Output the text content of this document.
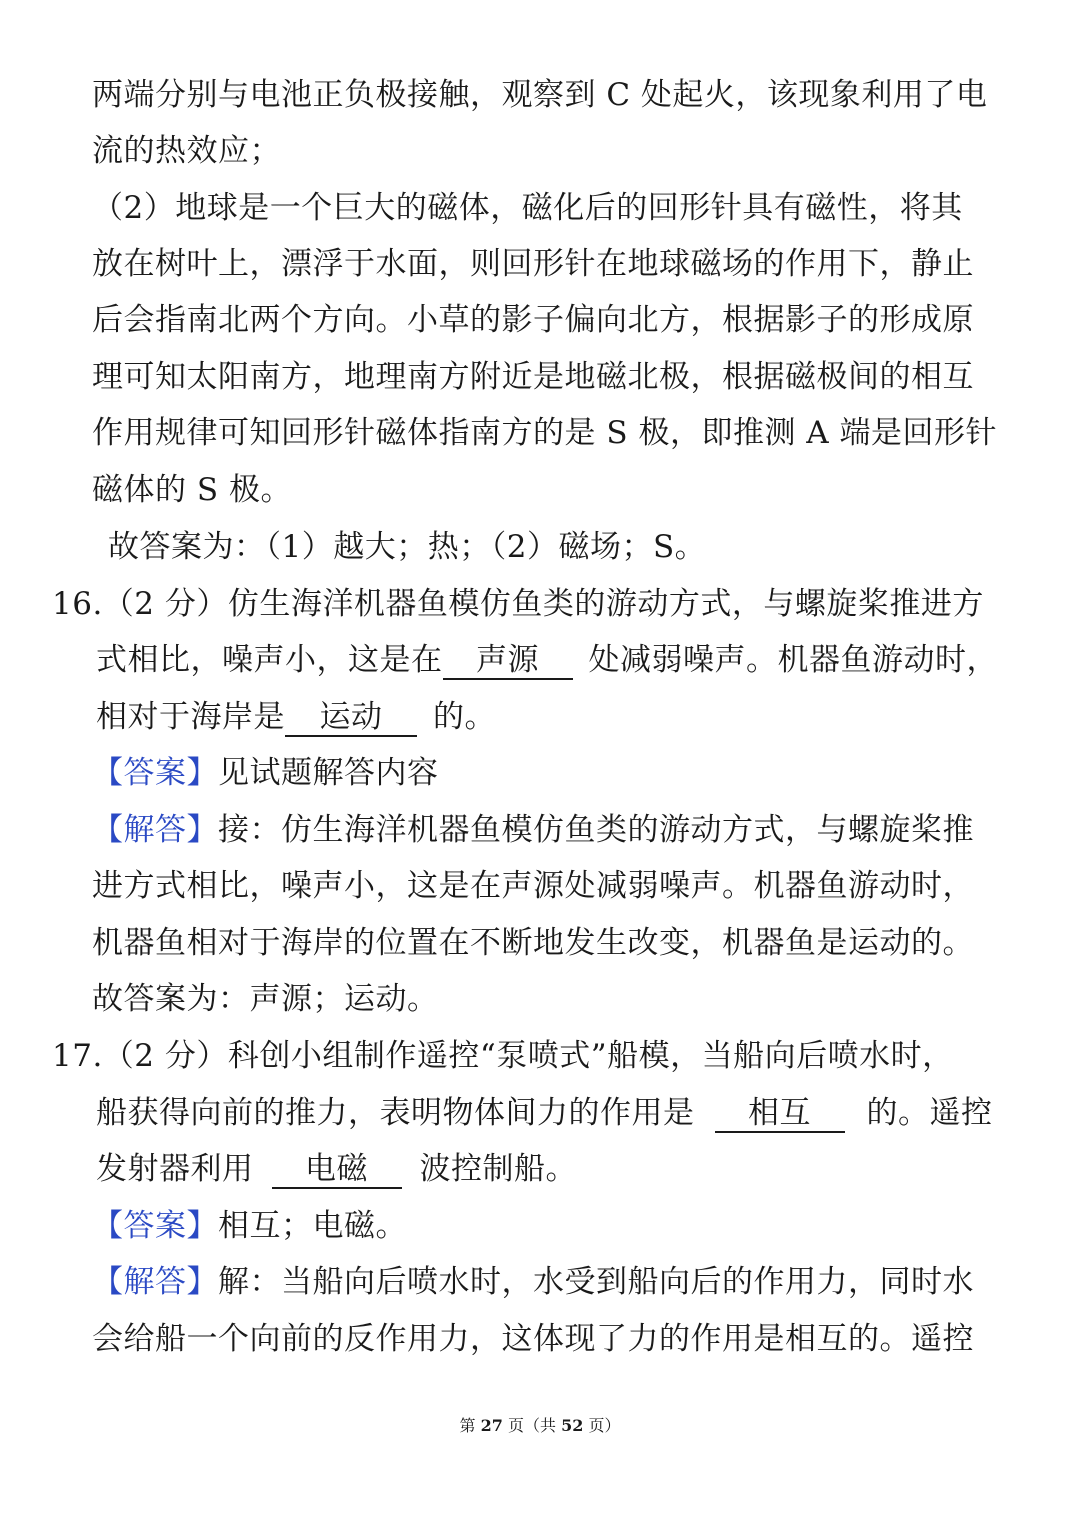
两端分别与电池正负极接触，观察到 C 处起火，该现象利用了电
流的热效应；
（2）地球是一个巨大的磁体，磁化后的回形针具有磁性，将其
放在树叶上，漂浮于水面，则回形针在地球磁场的作用下，静止
后会指南北两个方向。小草的影子偏向北方，根据影子的形成原
理可知太阳南方，地理南方附近是地磁北极，根据磁极间的相互
作用规律可知回形针磁体指南方的是 S 极，即推测 A 端是回形针
磁体的 S 极。
故答案为：（1）越大；热；（2）磁场；S。
16.（2 分）仿生海洋机器鱼模仿鱼类的游动方式，与螺旋桨推进方
式相比，噪声小，这是在 声源 处减弱噪声。机器鱼游动时，
相对于海岸是 运动 的。
【答案】见试题解答内容
【解答】接：仿生海洋机器鱼模仿鱼类的游动方式，与螺旋桨推
进方式相比，噪声小，这是在声源处减弱噪声。机器鱼游动时，
机器鱼相对于海岸的位置在不断地发生改变，机器鱼是运动的。
故答案为：声源；运动。
17.（2 分）科创小组制作遥控“泵喷式”船模，当船向后喷水时，
船获得向前的推力，表明物体间力的作用是 相互 的。遥控
发射器利用 电磁 波控制船。
【答案】相互；电磁。
【解答】解：当船向后喷水时，水受到船向后的作用力，同时水
会给船一个向前的反作用力，这体现了力的作用是相互的。遥控
第 27 页（共 52 页）
